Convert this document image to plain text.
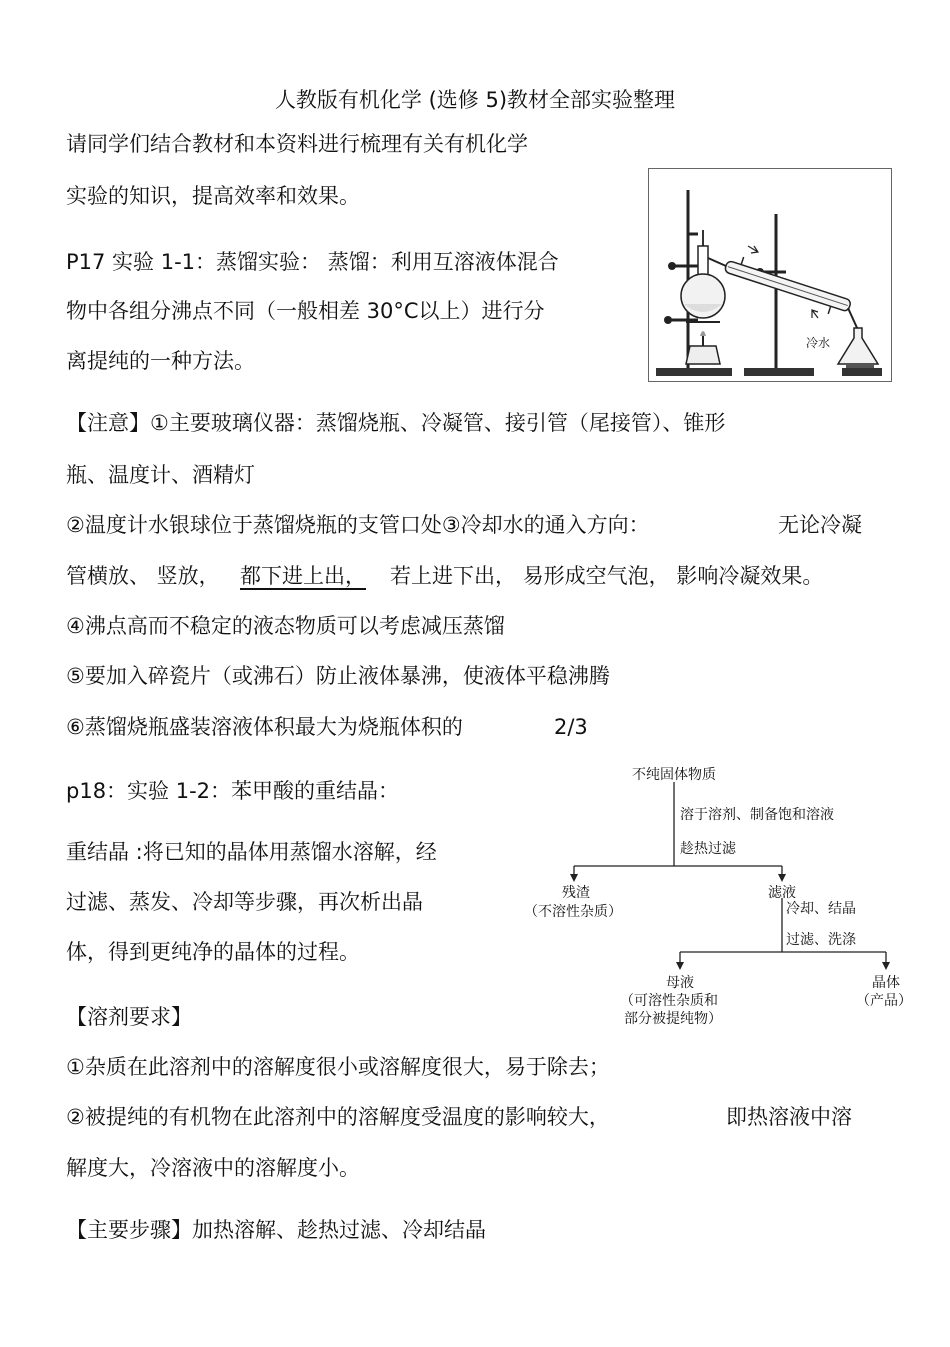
人教版有机化学 (选修 5)教材全部实验整理
请同学们结合教材和本资料进行梳理有关有机化学
实验的知识，提高效率和效果。
P17 实验 1-1：蒸馏实验： 蒸馏：利用互溶液体混合
物中各组分沸点不同（一般相差 30°C以上）进行分
离提纯的一种方法。
冷水
【注意】①主要玻璃仪器：蒸馏烧瓶、冷凝管、接引管（尾接管）、锥形
瓶、温度计、酒精灯
②温度计水银球位于蒸馏烧瓶的支管口处③冷却水的通入方向：	无论冷凝
管横放、 竖放， 都下进上出， 若上进下出， 易形成空气泡， 影响冷凝效果。
④沸点高而不稳定的液态物质可以考虑减压蒸馏
⑤要加入碎瓷片（或沸石）防止液体暴沸，使液体平稳沸腾
⑥蒸馏烧瓶盛装溶液体积最大为烧瓶体积的	2/3
p18：实验 1-2：苯甲酸的重结晶：
重结晶 :将已知的晶体用蒸馏水溶解，经
过滤、蒸发、冷却等步骤，再次析出晶
体，得到更纯净的晶体的过程。
不纯固体物质
溶于溶剂、制备饱和溶液
趁热过滤
残渣
（不溶性杂质）
滤液
冷却、结晶
过滤、洗涤
母液
（可溶性杂质和
部分被提纯物）
晶体
（产品）
【溶剂要求】
①杂质在此溶剂中的溶解度很小或溶解度很大，易于除去；
②被提纯的有机物在此溶剂中的溶解度受温度的影响较大，	即热溶液中溶
解度大，冷溶液中的溶解度小。
【主要步骤】加热溶解、趁热过滤、冷却结晶
